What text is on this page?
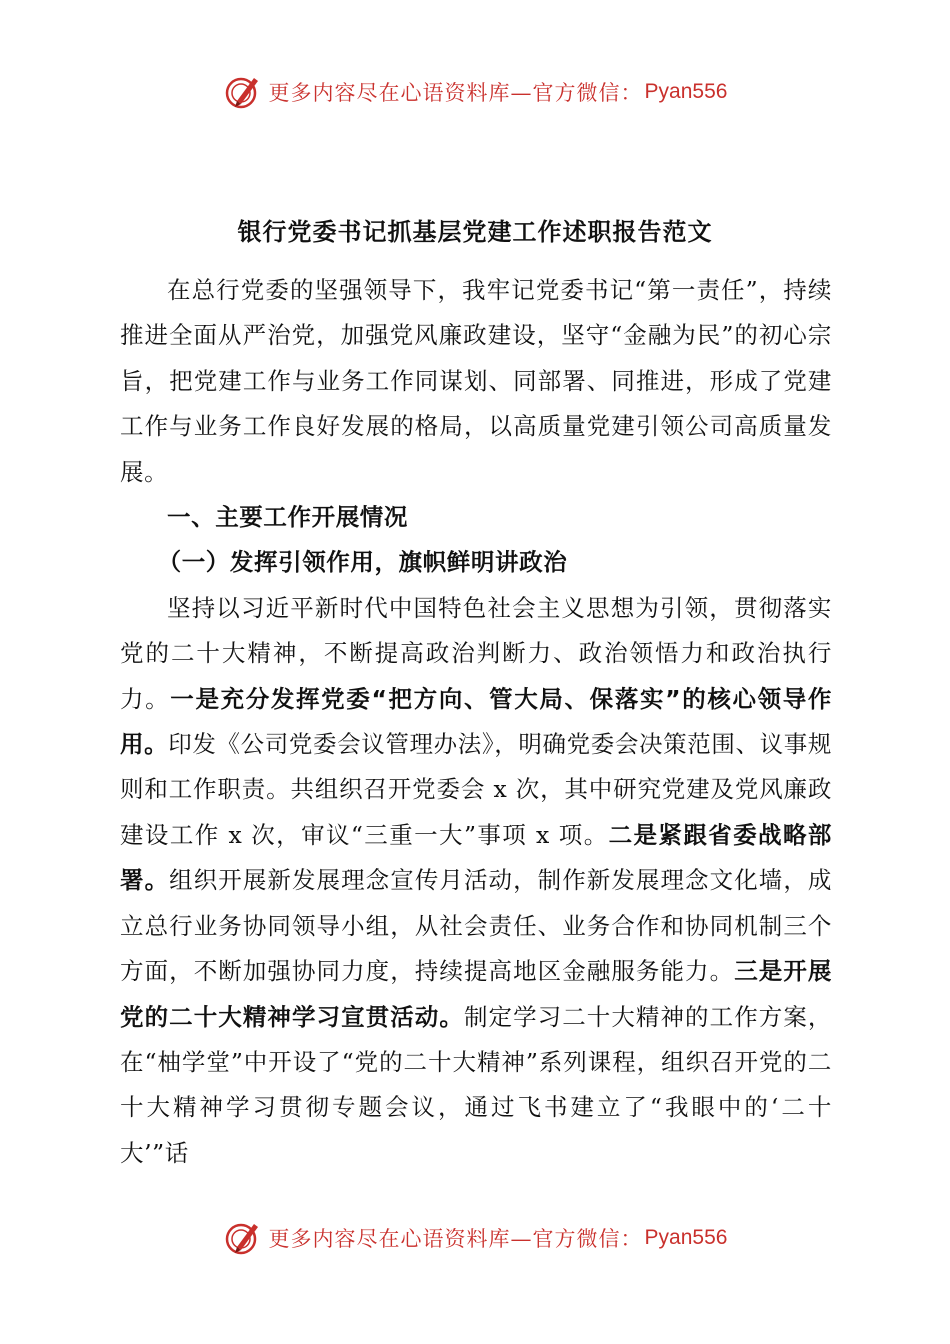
更多内容尽在心语资料库—官方微信： Pyan556
银行党委书记抓基层党建工作述职报告范文

在总行党委的坚强领导下，我牢记党委书记“第一责任”，持续推进全面从严治党，加强党风廉政建设，坚守“金融为民”的初心宗旨，把党建工作与业务工作同谋划、同部署、同推进，形成了党建工作与业务工作良好发展的格局，以高质量党建引领公司高质量发展。

一、主要工作开展情况

（一）发挥引领作用，旗帜鲜明讲政治

坚持以习近平新时代中国特色社会主义思想为引领，贯彻落实党的二十大精神，不断提高政治判断力、政治领悟力和政治执行力。一是充分发挥党委“把方向、管大局、保落实”的核心领导作用。印发《公司党委会议管理办法》，明确党委会决策范围、议事规则和工作职责。共组织召开党委会 x 次，其中研究党建及党风廉政建设工作 x 次，审议“三重一大”事项 x 项。二是紧跟省委战略部署。组织开展新发展理念宣传月活动，制作新发展理念文化墙，成立总行业务协同领导小组，从社会责任、业务合作和协同机制三个方面，不断加强协同力度，持续提高地区金融服务能力。三是开展党的二十大精神学习宣贯活动。制定学习二十大精神的工作方案，在“柚学堂”中开设了“党的二十大精神”系列课程，组织召开党的二十大精神学习贯彻专题会议，通过飞书建立了“我眼中的‘二十大’”话

更多内容尽在心语资料库—官方微信： Pyan556
